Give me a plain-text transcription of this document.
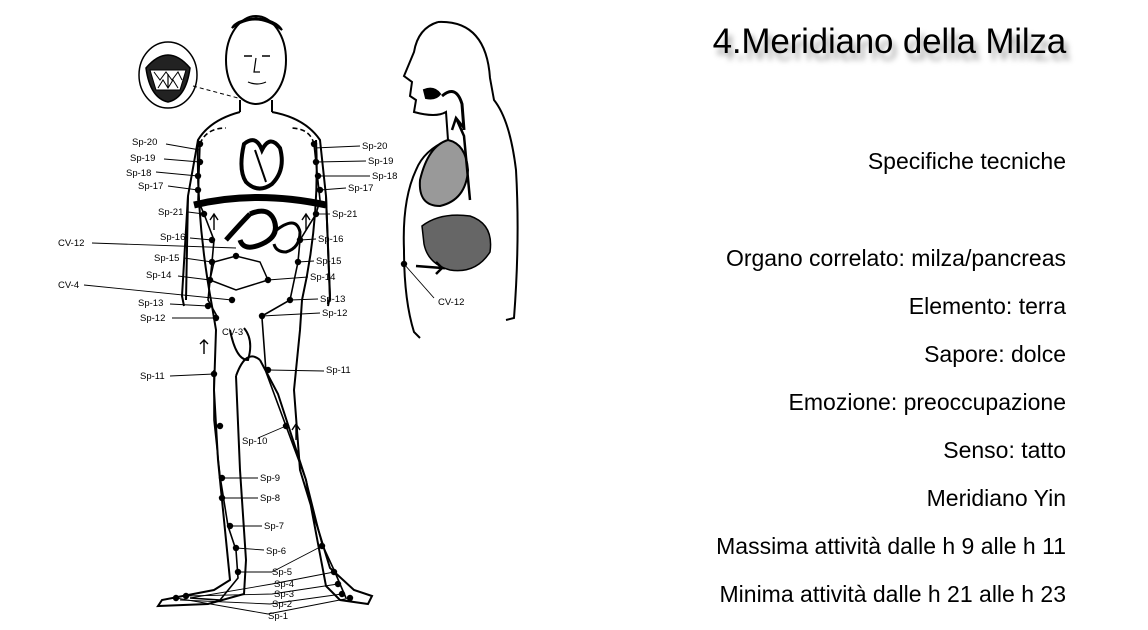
Sp-20
Sp-19
Sp-18
Sp-17
Sp-20
Sp-19
Sp-18
Sp-17
Sp-21	Sp-21
CV-12
Sp-16	Sp-16
Sp-15	Sp-15
Sp-14	Sp-14
CV-4
Sp-13	Sp-13
Sp-12	Sp-12
CV-3
Sp-11
Sp-11
Sp-10
Sp-9
Sp-8
Sp-7
Sp-6
Sp-5
Sp-4
Sp-3
Sp-2
Sp-1
CV-12
4.Meridiano della Milza
Specifiche tecniche
Organo correlato: milza/pancreas
Elemento: terra
Sapore: dolce
Emozione: preoccupazione
Senso: tatto
Meridiano Yin
Massima attività dalle h 9 alle h 11
Minima attività dalle h 21 alle h 23
